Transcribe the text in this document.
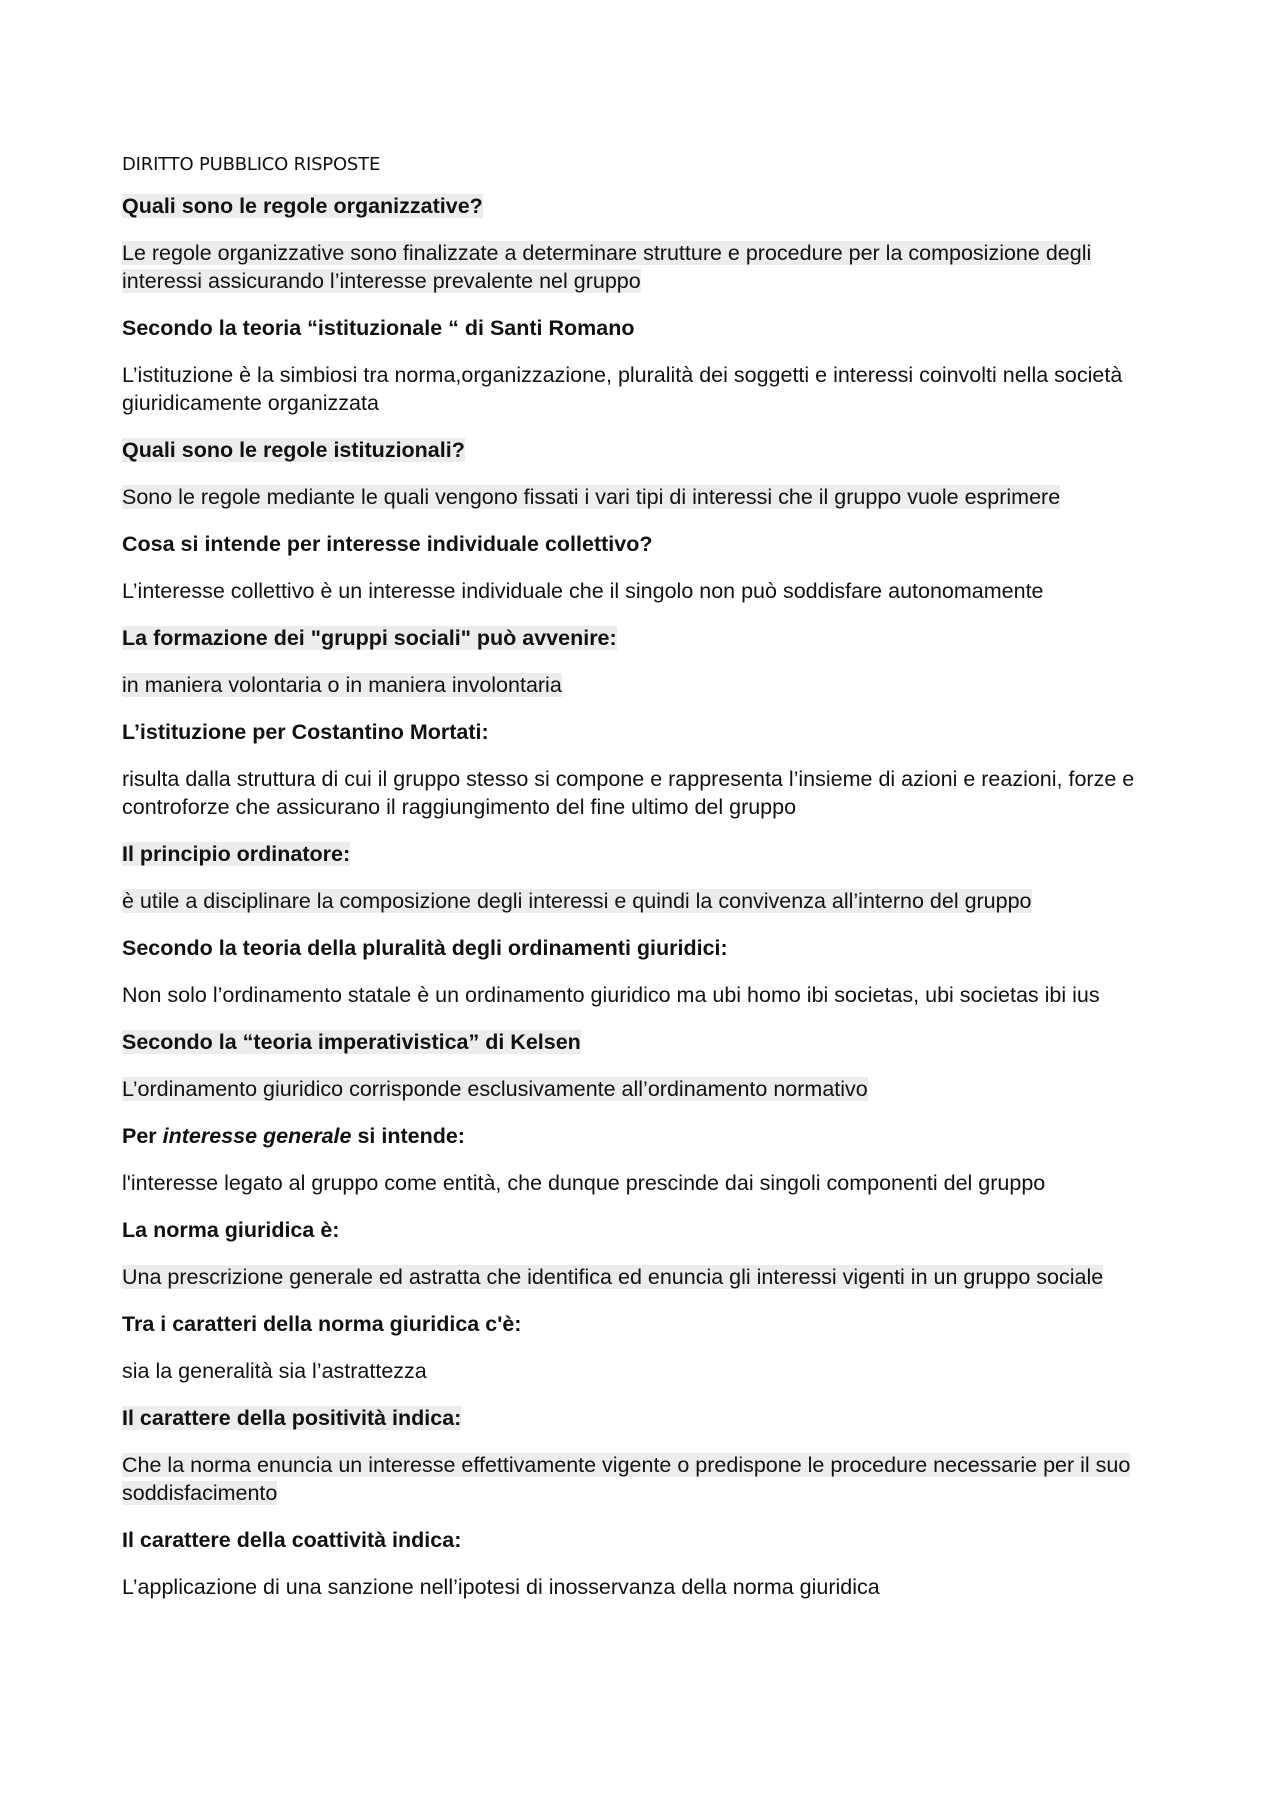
DIRITTO PUBBLICO RISPOSTE

Quali sono le regole organizzative?

Le regole organizzative sono finalizzate a determinare strutture e procedure per la composizione degli interessi assicurando l’interesse prevalente nel gruppo

Secondo la teoria “istituzionale “ di Santi Romano

L’istituzione è la simbiosi tra norma,organizzazione, pluralità dei soggetti e interessi coinvolti nella società giuridicamente organizzata

Quali sono le regole istituzionali?

Sono le regole mediante le quali vengono fissati i vari tipi di interessi che il gruppo vuole esprimere

Cosa si intende per interesse individuale collettivo?

L’interesse collettivo è un interesse individuale che il singolo non può soddisfare autonomamente

La formazione dei "gruppi sociali" può avvenire:

in maniera volontaria o in maniera involontaria

L’istituzione per Costantino Mortati:

risulta dalla struttura di cui il gruppo stesso si compone e rappresenta l’insieme di azioni e reazioni, forze e controforze che assicurano il raggiungimento del fine ultimo del gruppo

Il principio ordinatore:

è utile a disciplinare la composizione degli interessi e quindi la convivenza all’interno del gruppo

Secondo la teoria della pluralità degli ordinamenti giuridici:

Non solo l’ordinamento statale è un ordinamento giuridico ma ubi homo ibi societas, ubi societas ibi ius

Secondo la “teoria imperativistica” di Kelsen

L’ordinamento giuridico corrisponde esclusivamente all’ordinamento normativo

Per interesse generale si intende:

l'interesse legato al gruppo come entità, che dunque prescinde dai singoli componenti del gruppo

La norma giuridica è:

Una prescrizione generale ed astratta che identifica ed enuncia gli interessi vigenti in un gruppo sociale

Tra i caratteri della norma giuridica c'è:

sia la generalità sia l’astrattezza

Il carattere della positività indica:

Che la norma enuncia un interesse effettivamente vigente o predispone le procedure necessarie per il suo soddisfacimento

Il carattere della coattività indica:

L’applicazione di una sanzione nell’ipotesi di inosservanza della norma giuridica
